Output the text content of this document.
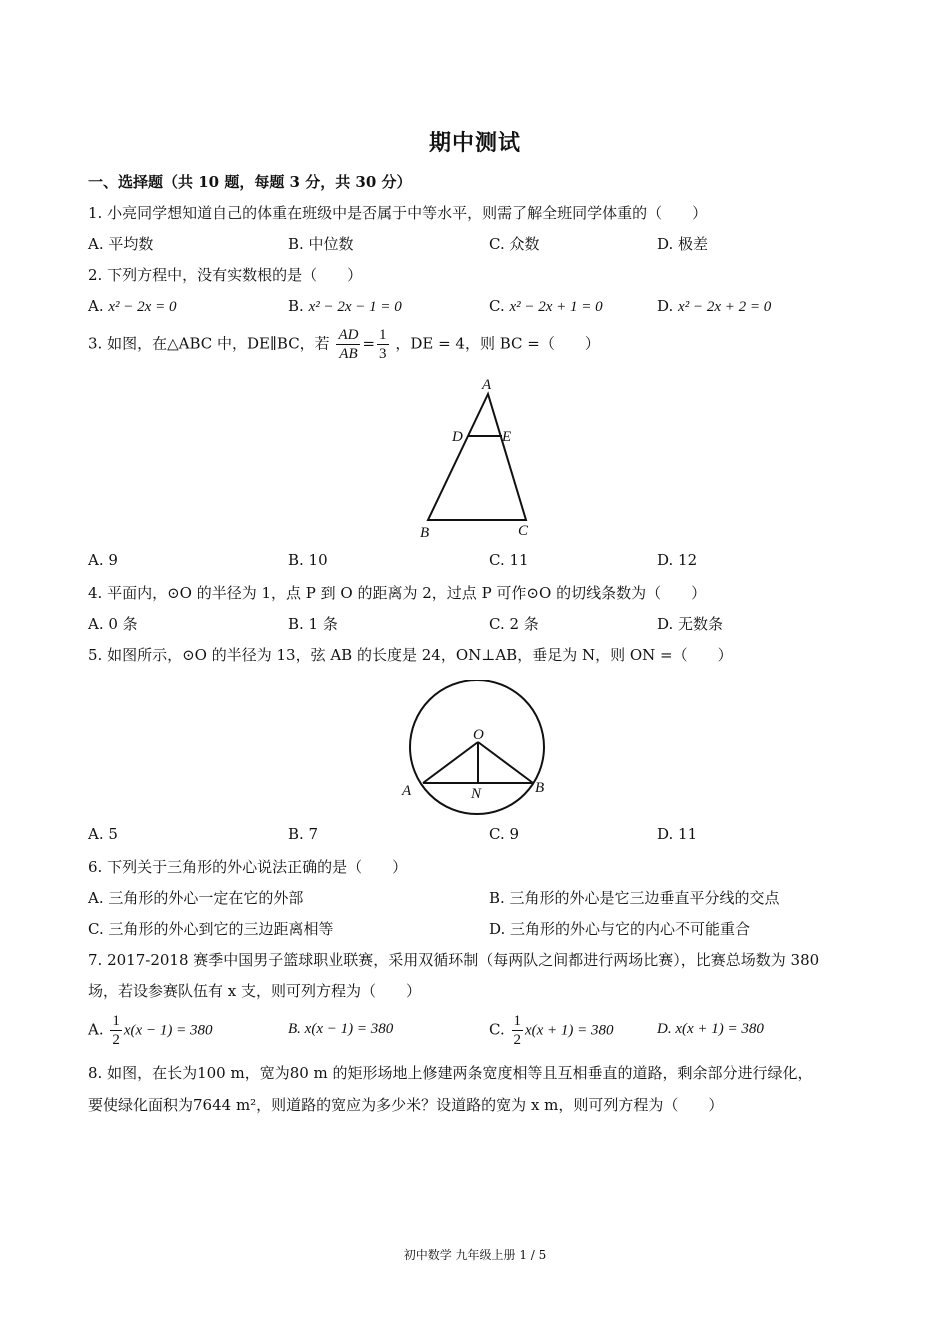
期中测试
一、选择题（共 10 题，每题 3 分，共 30 分）
1. 小亮同学想知道自己的体重在班级中是否属于中等水平，则需了解全班同学体重的（　　）
A. 平均数	B. 中位数	C. 众数	D. 极差
2. 下列方程中，没有实数根的是（　　）
A. x² − 2x = 0	B. x² − 2x − 1 = 0	C. x² − 2x + 1 = 0	D. x² − 2x + 2 = 0
3. 如图，在△ABC 中，DE∥BC，若 $\frac{AD}{AB} = \frac{1}{3}$ ，DE = 4，则 BC =（　　）
A
D	E
B	C
A. 9	B. 10	C. 11	D. 12
4. 平面内，⊙O 的半径为 1，点 P 到 O 的距离为 2，过点 P 可作⊙O 的切线条数为（　　）
A. 0 条	B. 1 条	C. 2 条	D. 无数条
5. 如图所示，⊙O 的半径为 13，弦 AB 的长度是 24，ON⊥AB，垂足为 N，则 ON =（　　）
O
A	N	B
A. 5	B. 7	C. 9	D. 11
6. 下列关于三角形的外心说法正确的是（　　）
A. 三角形的外心一定在它的外部	B. 三角形的外心是它三边垂直平分线的交点
C. 三角形的外心到它的三边距离相等	D. 三角形的外心与它的内心不可能重合
7. 2017-2018 赛季中国男子篮球职业联赛，采用双循环制（每两队之间都进行两场比赛），比赛总场数为 380
场，若设参赛队伍有 x 支，则可列方程为（　　）
A. $\frac{1}{2} x(x - 1) = 380$	B. x(x − 1) = 380	C. $\frac{1}{2} x(x + 1) = 380$	D. x(x + 1) = 380
8. 如图，在长为100 m，宽为80 m 的矩形场地上修建两条宽度相等且互相垂直的道路，剩余部分进行绿化，
要使绿化面积为7644 m²，则道路的宽应为多少米？设道路的宽为 x m，则可列方程为（　　）
初中数学 九年级上册 1 / 5
